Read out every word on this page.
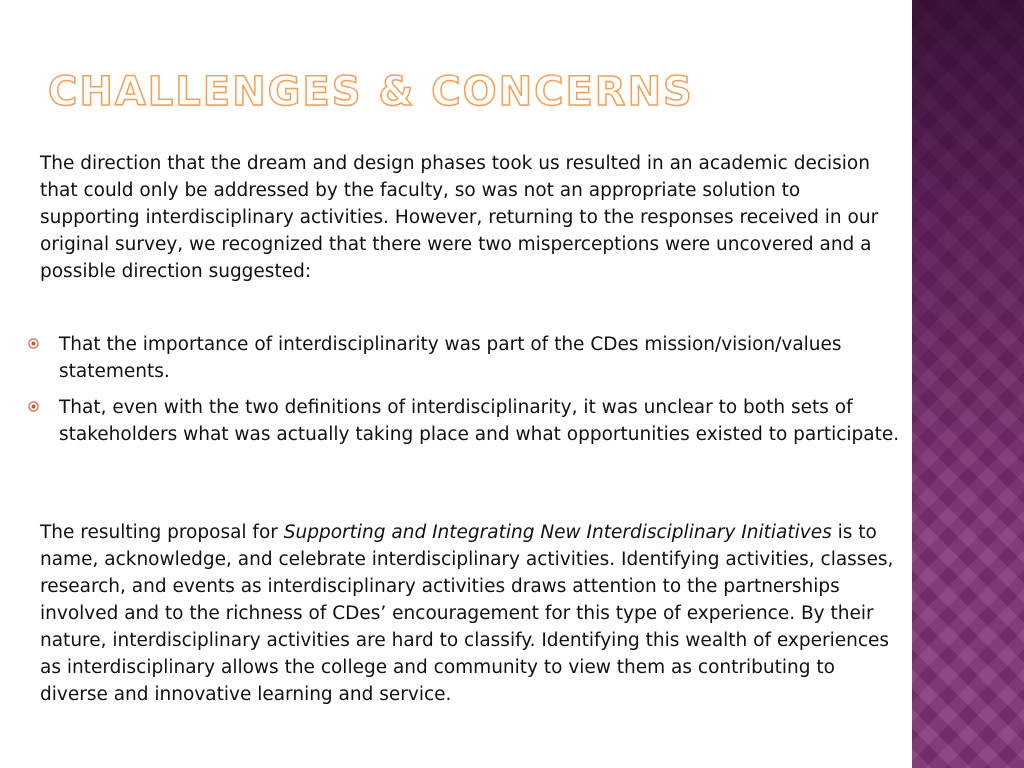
CHALLENGES & CONCERNS

The direction that the dream and design phases took us resulted in an academic decision that could only be addressed by the faculty, so was not an appropriate solution to supporting interdisciplinary activities. However, returning to the responses received in our original survey, we recognized that there were two misperceptions were uncovered and a possible direction suggested:

That the importance of interdisciplinarity was part of the CDes mission/vision/values statements.
That, even with the two definitions of interdisciplinarity, it was unclear to both sets of stakeholders what was actually taking place and what opportunities existed to participate.

The resulting proposal for Supporting and Integrating New Interdisciplinary Initiatives is to name, acknowledge, and celebrate interdisciplinary activities. Identifying activities, classes, research, and events as interdisciplinary activities draws attention to the partnerships involved and to the richness of CDes’ encouragement for this type of experience. By their nature, interdisciplinary activities are hard to classify. Identifying this wealth of experiences as interdisciplinary allows the college and community to view them as contributing to diverse and innovative learning and service.
